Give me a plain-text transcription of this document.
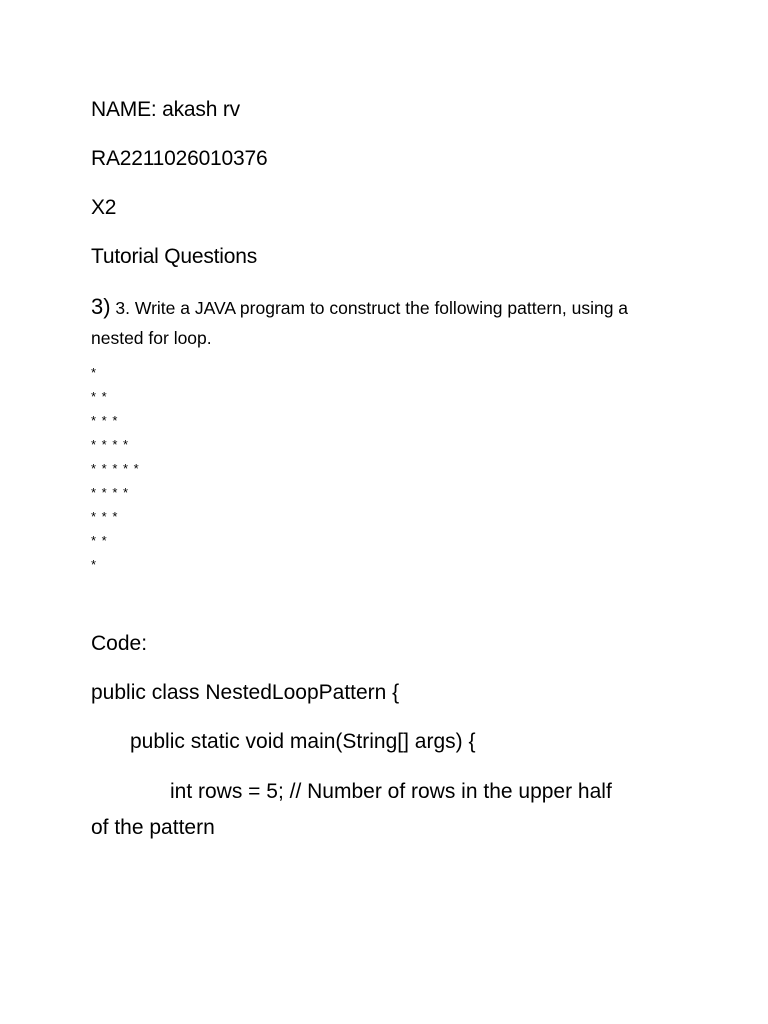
NAME: akash rv
RA2211026010376
X2
Tutorial Questions
3) 3. Write a JAVA program to construct the following pattern, using a
nested for loop.
*
* *
* * *
* * * *
* * * * *
* * * *
* * *
* *
*
Code:
public class NestedLoopPattern {
public static void main(String[] args) {
int rows = 5; // Number of rows in the upper half
of the pattern
